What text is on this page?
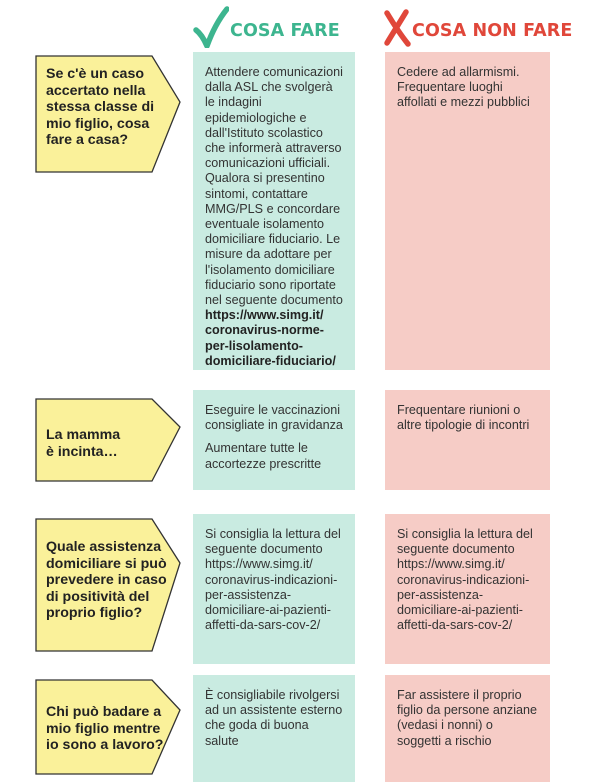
COSA FARE	COSA NON FARE
Se c'è un caso accertato nella stessa classe di mio figlio, cosa fare a casa?

Attendere comunicazioni dalla ASL che svolgerà le indagini epidemiologiche e dall'Istituto scolastico che informerà attraverso comunicazioni ufficiali. Qualora si presentino sintomi, contattare MMG/PLS e concordare eventuale isolamento domiciliare fiduciario. Le misure da adottare per l'isolamento domiciliare fiduciario sono riportate nel seguente documento

https://www.simg.it/ coronavirus-norme- per-lisolamento- domiciliare-fiduciario/

Cedere ad allarmismi. Frequentare luoghi affollati e mezzi pubblici

La mamma è incinta…

Eseguire le vaccinazioni consigliate in gravidanza

Aumentare tutte le accortezze prescritte

Frequentare riunioni o altre tipologie di incontri

Quale assistenza domiciliare si può prevedere in caso di positività del proprio figlio?

Si consiglia la lettura del seguente documento https://www.simg.it/ coronavirus-indicazioni- per-assistenza- domiciliare-ai-pazienti- affetti-da-sars-cov-2/

Si consiglia la lettura del seguente documento https://www.simg.it/ coronavirus-indicazioni- per-assistenza- domiciliare-ai-pazienti- affetti-da-sars-cov-2/

Chi può badare a mio figlio mentre io sono a lavoro?

È consigliabile rivolgersi ad un assistente esterno che goda di buona salute

Far assistere il proprio figlio da persone anziane (vedasi i nonni) o soggetti a rischio
